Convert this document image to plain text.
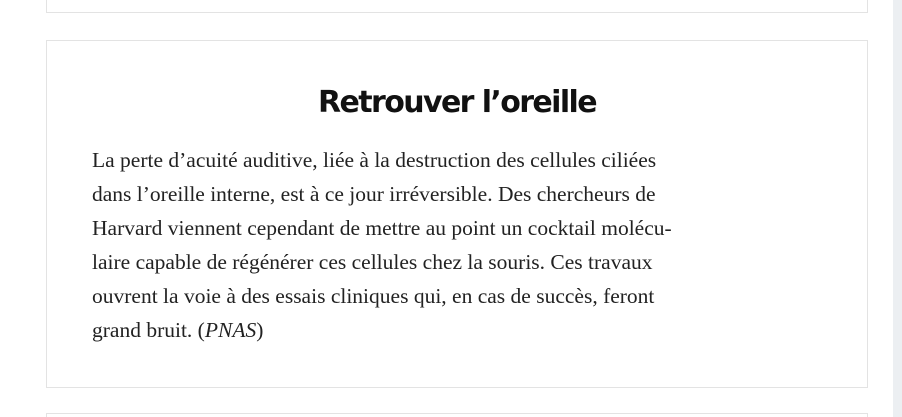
Retrouver l’oreille

La perte d’acuité auditive, liée à la destruction des cellules ciliées
dans l’oreille interne, est à ce jour irréversible. Des chercheurs de
Harvard viennent cependant de mettre au point un cocktail molécu-
laire capable de régénérer ces cellules chez la souris. Ces travaux
ouvrent la voie à des essais cliniques qui, en cas de succès, feront
grand bruit. (PNAS)
